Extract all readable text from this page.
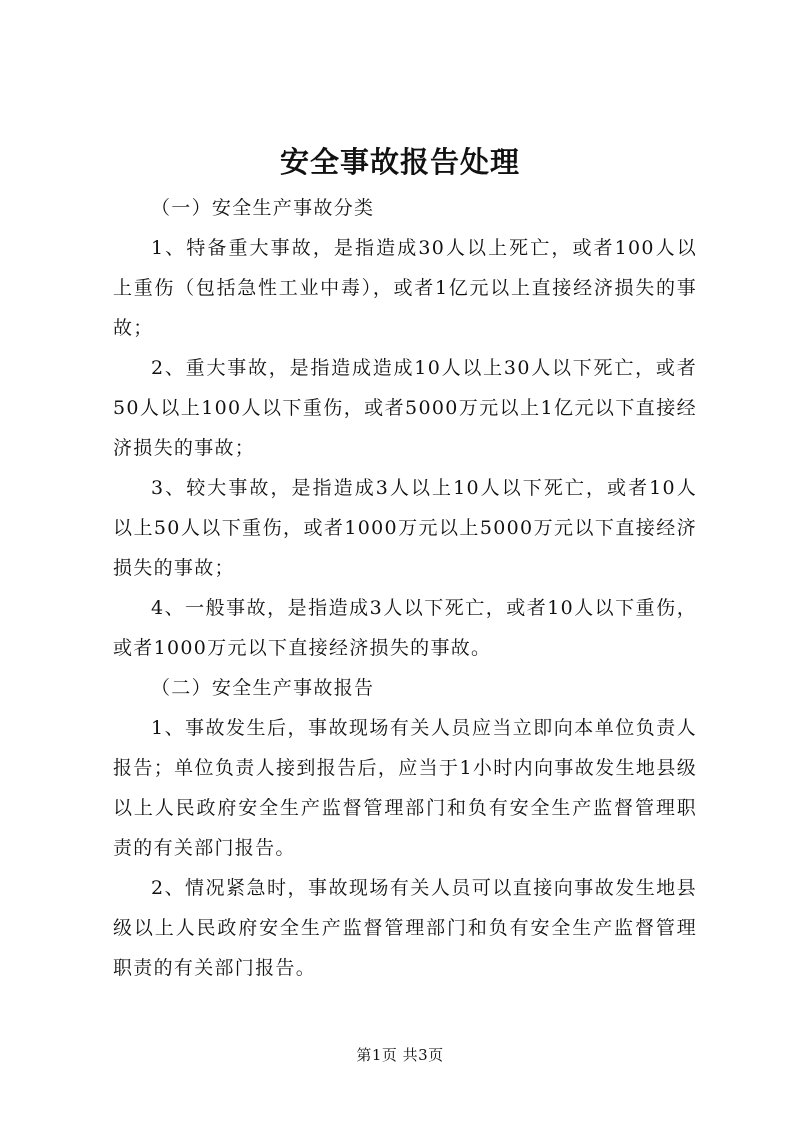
安全事故报告处理

（一）安全生产事故分类

1、特备重大事故，是指造成30人以上死亡，或者100人以上重伤（包括急性工业中毒），或者1亿元以上直接经济损失的事故；

2、重大事故，是指造成造成10人以上30人以下死亡，或者50人以上100人以下重伤，或者5000万元以上1亿元以下直接经济损失的事故；

3、较大事故，是指造成3人以上10人以下死亡，或者10人以上50人以下重伤，或者1000万元以上5000万元以下直接经济损失的事故；

4、一般事故，是指造成3人以下死亡，或者10人以下重伤，或者1000万元以下直接经济损失的事故。

（二）安全生产事故报告

1、事故发生后，事故现场有关人员应当立即向本单位负责人报告；单位负责人接到报告后，应当于1小时内向事故发生地县级以上人民政府安全生产监督管理部门和负有安全生产监督管理职责的有关部门报告。

2、情况紧急时，事故现场有关人员可以直接向事故发生地县级以上人民政府安全生产监督管理部门和负有安全生产监督管理职责的有关部门报告。

第1页 共3页
